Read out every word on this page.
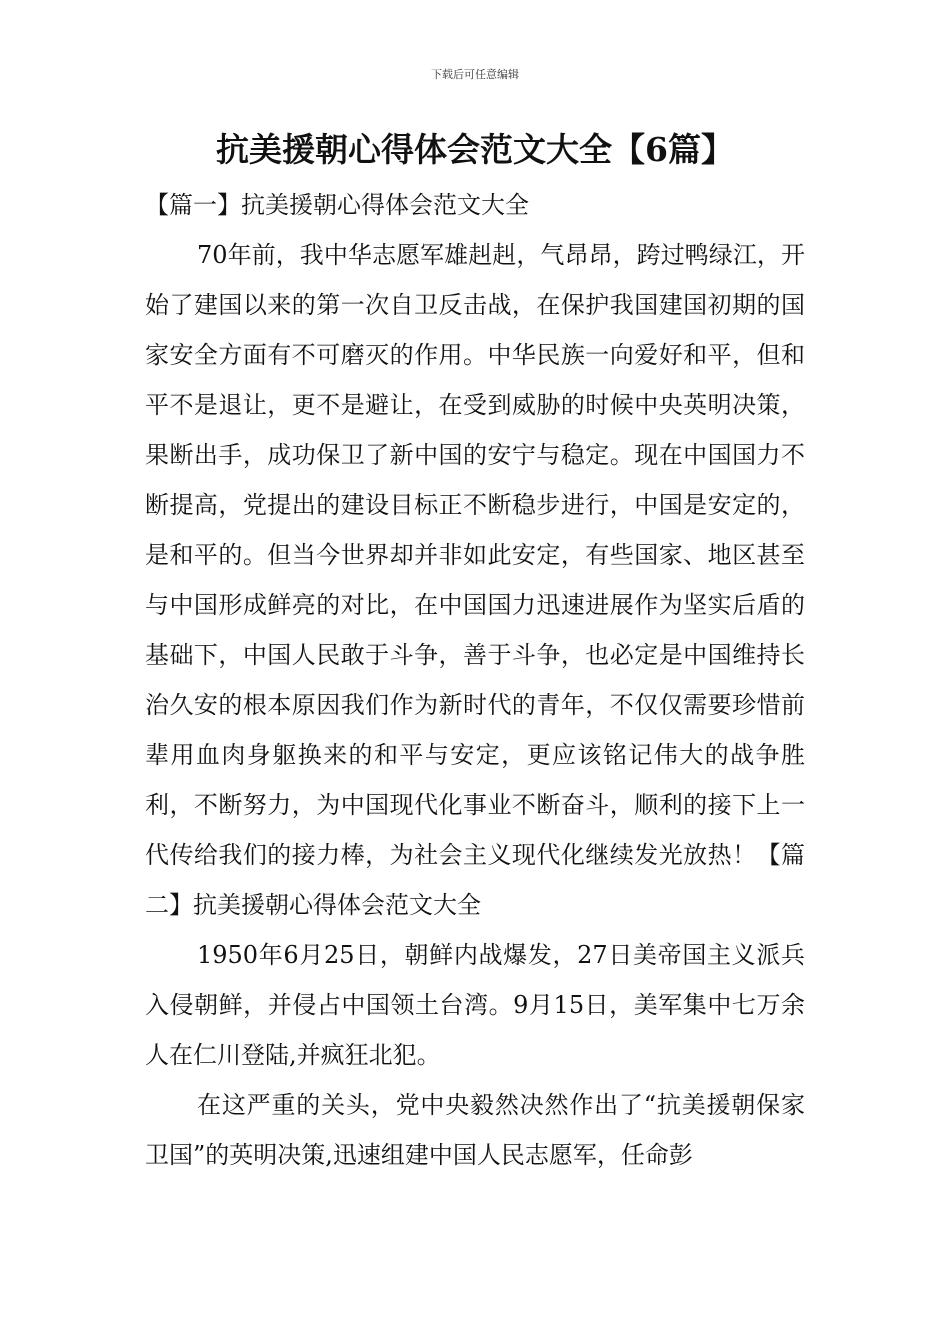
下载后可任意编辑
抗美援朝心得体会范文大全【6篇】

【篇一】抗美援朝心得体会范文大全

70年前，我中华志愿军雄赳赳，气昂昂，跨过鸭绿江，开始了建国以来的第一次自卫反击战，在保护我国建国初期的国家安全方面有不可磨灭的作用。中华民族一向爱好和平，但和平不是退让，更不是避让，在受到威胁的时候中央英明决策，果断出手，成功保卫了新中国的安宁与稳定。现在中国国力不断提高，党提出的建设目标正不断稳步进行，中国是安定的，是和平的。但当今世界却并非如此安定，有些国家、地区甚至与中国形成鲜亮的对比，在中国国力迅速进展作为坚实后盾的基础下，中国人民敢于斗争，善于斗争，也必定是中国维持长治久安的根本原因我们作为新时代的青年，不仅仅需要珍惜前辈用血肉身躯换来的和平与安定，更应该铭记伟大的战争胜利，不断努力，为中国现代化事业不断奋斗，顺利的接下上一代传给我们的接力棒，为社会主义现代化继续发光放热！【篇二】抗美援朝心得体会范文大全

1950年6月25日，朝鲜内战爆发，27日美帝国主义派兵入侵朝鲜，并侵占中国领土台湾。9月15日，美军集中七万余人在仁川登陆,并疯狂北犯。

在这严重的关头，党中央毅然决然作出了“抗美援朝保家卫国”的英明决策,迅速组建中国人民志愿军，任命彭
